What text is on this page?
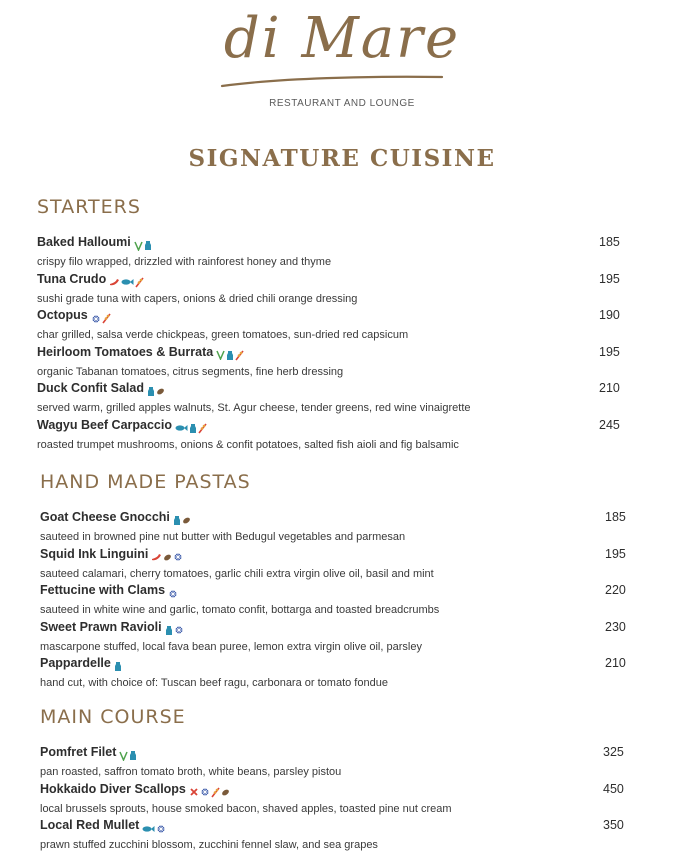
di Mare
RESTAURANT AND LOUNGE
SIGNATURE CUISINE
STARTERS
Baked Halloumi	185
crispy filo wrapped, drizzled with rainforest honey and thyme
Tuna Crudo	195
sushi grade tuna with capers, onions & dried chili orange dressing
Octopus	190
char grilled, salsa verde chickpeas, green tomatoes, sun-dried red capsicum
Heirloom Tomatoes & Burrata	195
organic Tabanan tomatoes, citrus segments, fine herb dressing
Duck Confit Salad	210
served warm, grilled apples walnuts, St. Agur cheese, tender greens, red wine vinaigrette
Wagyu Beef Carpaccio	245
roasted trumpet mushrooms, onions & confit potatoes, salted fish aioli and fig balsamic
HAND MADE PASTAS
Goat Cheese Gnocchi	185
sauteed in browned pine nut butter with Bedugul vegetables and parmesan
Squid Ink Linguini	195
sauteed calamari, cherry tomatoes, garlic chili extra virgin olive oil, basil and mint
Fettucine with Clams	220
sauteed in white wine and garlic, tomato confit, bottarga and toasted breadcrumbs
Sweet Prawn Ravioli	230
mascarpone stuffed, local fava bean puree, lemon extra virgin olive oil, parsley
Pappardelle	210
hand cut, with choice of: Tuscan beef ragu, carbonara or tomato fondue
MAIN COURSE
Pomfret Filet	325
pan roasted, saffron tomato broth, white beans, parsley pistou
Hokkaido Diver Scallops	450
local brussels sprouts, house smoked bacon, shaved apples, toasted pine nut cream
Local Red Mullet	350
prawn stuffed zucchini blossom, zucchini fennel slaw, and sea grapes
